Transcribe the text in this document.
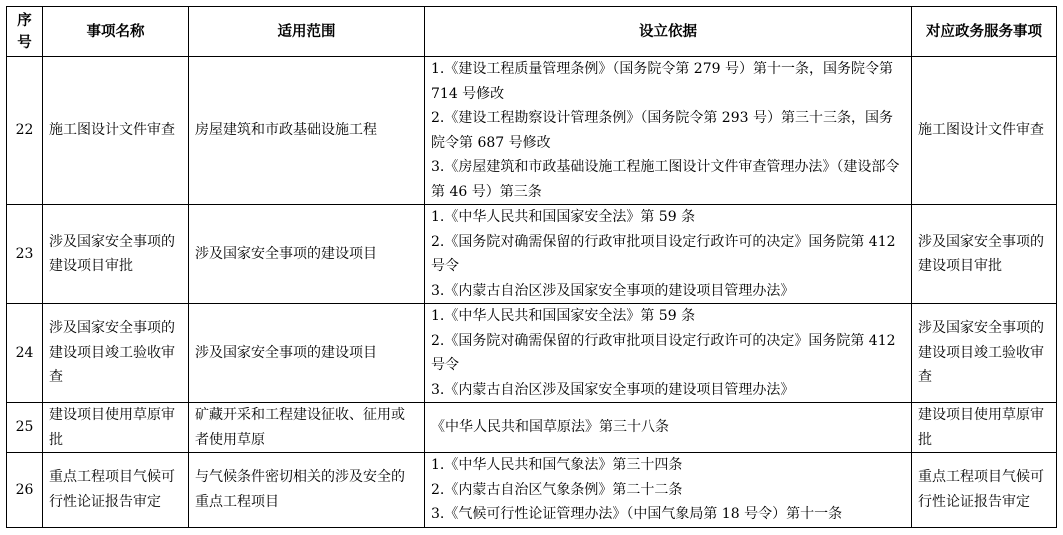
序
号	事项名称	适用范围	设立依据	对应政务服务事项
22	施工图设计文件审查	房屋建筑和市政基础设施工程	1.《建设工程质量管理条例》（国务院令第 279 号）第十一条，国务院令第 714 号修改
2.《建设工程勘察设计管理条例》（国务院令第 293 号）第三十三条，国务院令第 687 号修改
3.《房屋建筑和市政基础设施工程施工图设计文件审查管理办法》（建设部令第 46 号）第三条	施工图设计文件审查
23	涉及国家安全事项的建设项目审批	涉及国家安全事项的建设项目	1.《中华人民共和国国家安全法》第 59 条
2.《国务院对确需保留的行政审批项目设定行政许可的决定》国务院第 412 号令
3.《内蒙古自治区涉及国家安全事项的建设项目管理办法》	涉及国家安全事项的建设项目审批
24	涉及国家安全事项的建设项目竣工验收审查	涉及国家安全事项的建设项目	1.《中华人民共和国国家安全法》第 59 条
2.《国务院对确需保留的行政审批项目设定行政许可的决定》国务院第 412 号令
3.《内蒙古自治区涉及国家安全事项的建设项目管理办法》	涉及国家安全事项的建设项目竣工验收审查
25	建设项目使用草原审批	矿藏开采和工程建设征收、征用或者使用草原	《中华人民共和国草原法》第三十八条	建设项目使用草原审批
26	重点工程项目气候可行性论证报告审定	与气候条件密切相关的涉及安全的重点工程项目	1.《中华人民共和国气象法》第三十四条
2.《内蒙古自治区气象条例》第二十二条
3.《气候可行性论证管理办法》（中国气象局第 18 号令）第十一条	重点工程项目气候可行性论证报告审定
